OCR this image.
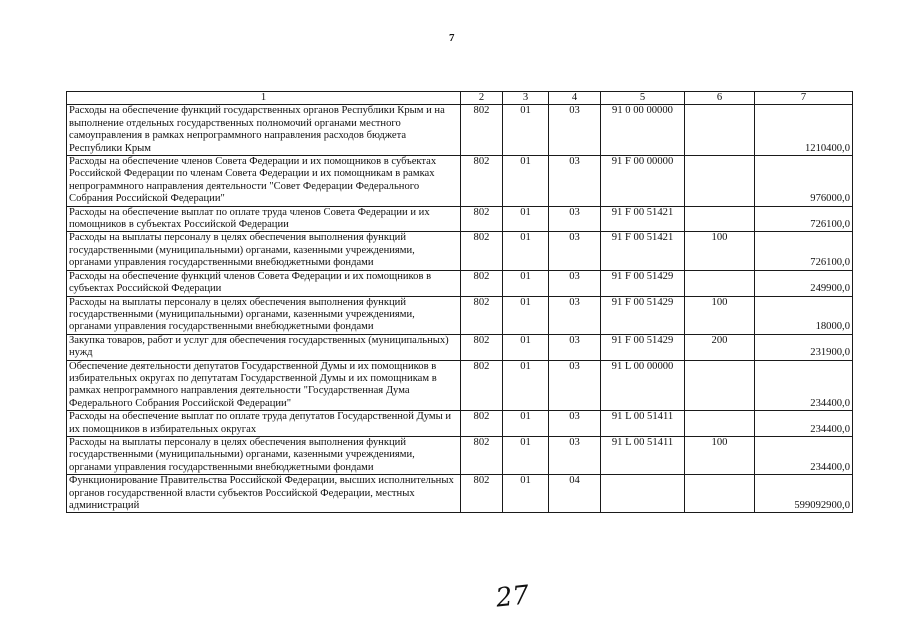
7
1	2	3	4	5	6	7
Расходы на обеспечение функций государственных органов Республики Крым и на выполнение отдельных государственных полномочий органами местного самоуправления в рамках непрограммного направления расходов бюджета Республики Крым	802	01	03	91 0 00 00000		1210400,0
Расходы на обеспечение членов Совета Федерации и их помощников в субъектах Российской Федерации по членам Совета Федерации и их помощникам в рамках непрограммного направления деятельности "Совет Федерации Федерального Собрания Российской Федерации"	802	01	03	91 F 00 00000		976000,0
Расходы на обеспечение выплат по оплате труда членов Совета Федерации и их помощников в субъектах Российской Федерации	802	01	03	91 F 00 51421		726100,0
Расходы на выплаты персоналу в целях обеспечения выполнения функций государственными (муниципальными) органами, казенными учреждениями, органами управления государственными внебюджетными фондами	802	01	03	91 F 00 51421	100	726100,0
Расходы на обеспечение функций членов Совета Федерации и их помощников в субъектах Российской Федерации	802	01	03	91 F 00 51429		249900,0
Расходы на выплаты персоналу в целях обеспечения выполнения функций государственными (муниципальными) органами, казенными учреждениями, органами управления государственными внебюджетными фондами	802	01	03	91 F 00 51429	100	18000,0
Закупка товаров, работ и услуг для обеспечения государственных (муниципальных) нужд	802	01	03	91 F 00 51429	200	231900,0
Обеспечение деятельности депутатов Государственной Думы и их помощников в избирательных округах по депутатам Государственной Думы и их помощникам в рамках непрограммного направления деятельности "Государственная Дума Федерального Собрания Российской Федерации"	802	01	03	91 L 00 00000		234400,0
Расходы на обеспечение выплат по оплате труда депутатов Государственной Думы и их помощников в избирательных округах	802	01	03	91 L 00 51411		234400,0
Расходы на выплаты персоналу в целях обеспечения выполнения функций государственными (муниципальными) органами, казенными учреждениями, органами управления государственными внебюджетными фондами	802	01	03	91 L 00 51411	100	234400,0
Функционирование Правительства Российской Федерации, высших исполнительных органов государственной власти субъектов Российской Федерации, местных администраций	802	01	04			599092900,0
27
